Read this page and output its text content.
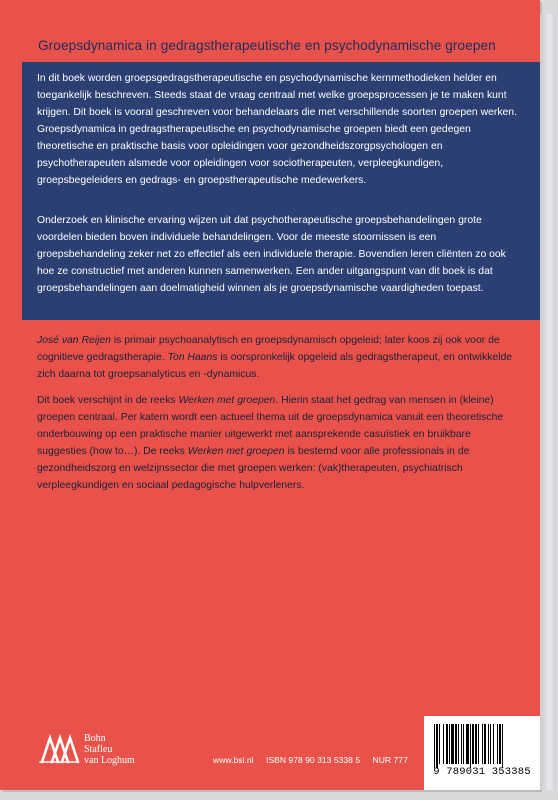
Groepsdynamica in gedragstherapeutische en psychodynamische groepen

In dit boek worden groepsgedragstherapeutische en psychodynamische kernmethodieken helder en toegankelijk beschreven. Steeds staat de vraag centraal met welke groepsprocessen je te maken kunt krijgen. Dit boek is vooral geschreven voor behandelaars die met verschillende soorten groepen werken. Groepsdynamica in gedragstherapeutische en psychodynamische groepen biedt een gedegen theoretische en praktische basis voor opleidingen voor gezondheidszorgpsychologen en psychotherapeuten alsmede voor opleidingen voor sociotherapeuten, verpleegkundigen, groepsbegeleiders en gedrags- en groepstherapeutische medewerkers.

Onderzoek en klinische ervaring wijzen uit dat psychotherapeutische groepsbehandelingen grote voordelen bieden boven individuele behandelingen. Voor de meeste stoornissen is een groepsbehandeling zeker net zo effectief als een individuele therapie. Bovendien leren cliënten zo ook hoe ze constructief met anderen kunnen samenwerken. Een ander uitgangspunt van dit boek is dat groepsbehandelingen aan doelmatigheid winnen als je groepsdynamische vaardigheden toepast.

José van Reijen is primair psychoanalytisch en groepsdynamisch opgeleid; later koos zij ook voor de cognitieve gedragstherapie. Ton Haans is oorspronkelijk opgeleid als gedragstherapeut, en ontwikkelde zich daarna tot groepsanalyticus en -dynamicus.

Dit boek verschijnt in de reeks Werken met groepen. Hierin staat het gedrag van mensen in (kleine) groepen centraal. Per katern wordt een actueel thema uit de groepsdynamica vanuit een theoretische onderbouwing op een praktische manier uitgewerkt met aansprekende casuïstiek en bruikbare suggesties (how to…). De reeks Werken met groepen is bestemd voor alle professionals in de gezondheidszorg en welzijnssector die met groepen werken: (vak)therapeuten, psychiatrisch verpleegkundigen en sociaal pedagogische hulpverleners.

Bohn
Stafleu
van Loghum	www.bsl.nl ISBN 978 90 313 5338 5 NUR 777
9 789031 353385
